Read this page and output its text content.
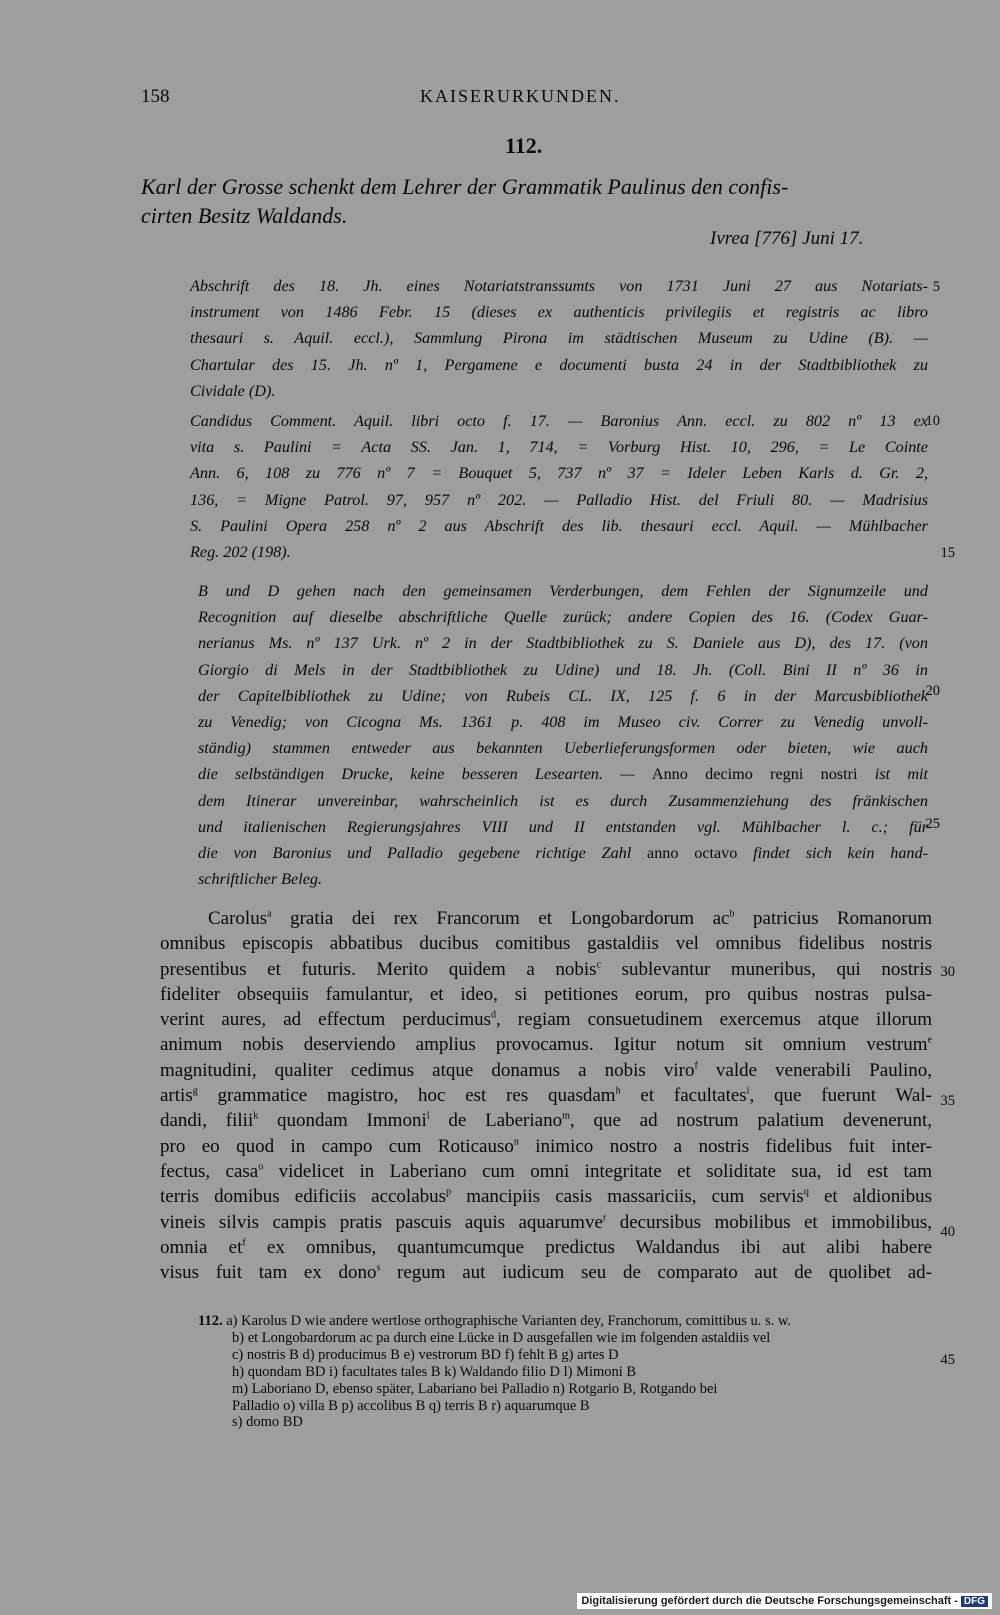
158	KAISERURKUNDEN.
112.
Karl der Grosse schenkt dem Lehrer der Grammatik Paulinus den confis-
cirten Besitz Waldands.
Ivrea [776] Juni 17.
Abschrift des 18. Jh. eines Notariatstranssumts von 1731 Juni 27 aus Notariats-
instrument von 1486 Febr. 15 (dieses ex authenticis privilegiis et registris ac libro
thesauri s. Aquil. eccl.), Sammlung Pirona im städtischen Museum zu Udine (B). —
Chartular des 15. Jh. nº 1, Pergamene e documenti busta 24 in der Stadtbibliothek zu
Cividale (D).
Candidus Comment. Aquil. libri octo f. 17. — Baronius Ann. eccl. zu 802 nº 13 ex
vita s. Paulini = Acta SS. Jan. 1, 714, = Vorburg Hist. 10, 296, = Le Cointe
Ann. 6, 108 zu 776 nº 7 = Bouquet 5, 737 nº 37 = Ideler Leben Karls d. Gr. 2,
136, = Migne Patrol. 97, 957 nº 202. — Palladio Hist. del Friuli 80. — Madrisius
S. Paulini Opera 258 nº 2 aus Abschrift des lib. thesauri eccl. Aquil. — Mühlbacher
Reg. 202 (198).
B und D gehen nach den gemeinsamen Verderbungen, dem Fehlen der Signumzeile und
Recognition auf dieselbe abschriftliche Quelle zurück; andere Copien des 16. (Codex Guar-
nerianus Ms. nº 137 Urk. nº 2 in der Stadtbibliothek zu S. Daniele aus D), des 17. (von
Giorgio di Mels in der Stadtbibliothek zu Udine) und 18. Jh. (Coll. Bini II nº 36 in
der Capitelbibliothek zu Udine; von Rubeis CL. IX, 125 f. 6 in der Marcusbibliothek
zu Venedig; von Cicogna Ms. 1361 p. 408 im Museo civ. Correr zu Venedig unvoll-
ständig) stammen entweder aus bekannten Ueberlieferungsformen oder bieten, wie auch
die selbständigen Drucke, keine besseren Lesearten. — Anno decimo regni nostri ist mit
dem Itinerar unvereinbar, wahrscheinlich ist es durch Zusammenziehung des fränkischen
und italienischen Regierungsjahres VIII und II entstanden vgl. Mühlbacher l. c.; für
die von Baronius und Palladio gegebene richtige Zahl anno octavo findet sich kein hand-
schriftlicher Beleg.
Carolus$^a$ gratia dei rex Francorum et Longobardorum $ac^b$ patricius Romanorum
omnibus episcopis abbatibus ducibus comitibus gastaldiis vel omnibus fidelibus nostris
presentibus et futuris. Merito quidem a nobis$^c$ sublevantur muneribus, qui nostris
fideliter obsequiis famulantur, et ideo, si petitiones eorum, pro quibus nostras pulsa-
verint aures, ad effectum perducimus$^d$, regiam consuetudinem exercemus atque illorum
animum nobis deserviendo amplius provocamus. Igitur notum sit omnium vestrum$^e$
magnitudini, qualiter cedimus atque donamus a nobis viro$^f$ valde venerabili Paulino,
artis$^g$ grammatice magistro, hoc est res quasdam$^h$ et facultates$^i$, que fuerunt Wal-
dandi, filii$^k$ quondam Immoni$^l$ de Laberiano$^m$, que ad nostrum palatium devenerunt,
pro eo quod in campo cum Roticauso$^n$ inimico nostro a nostris fidelibus fuit inter-
fectus, casa$^o$ videlicet in Laberiano cum omni integritate et soliditate sua, id est tam
terris domibus edificiis accolabus$^p$ mancipiis casis massariciis, cum servis$^q$ et aldionibus
vineis silvis campis pratis pascuis aquis aquarumve$^r$ decursibus mobilibus et immobilibus,
omnia $et^f$ ex omnibus, quantumcumque predictus Waldandus ibi aut alibi habere
visus fuit tam ex dono$^s$ regum aut iudicum seu de comparato aut de quolibet ad-
112. a) Karolus D wie andere wertlose orthographische Varianten dey, Franchorum, comittibus u. s. w.
b) et Longobardorum ac pa durch eine Lücke in D ausgefallen wie im folgenden astaldiis vel
c) nostris B d) producimus B e) vestrorum BD f) fehlt B g) artes D
h) quondam BD i) facultates tales B k) Waldando filio D l) Mimoni B
m) Laboriano D, ebenso später, Labariano bei Palladio n) Rotgario B, Rotgando bei
Palladio o) villa B p) accolibus B q) terris B r) aquarumque B
s) domo BD
5
10
15
20
25
30
35
40
45
Digitalisierung gefördert durch die Deutsche Forschungsgemeinschaft - DFG
